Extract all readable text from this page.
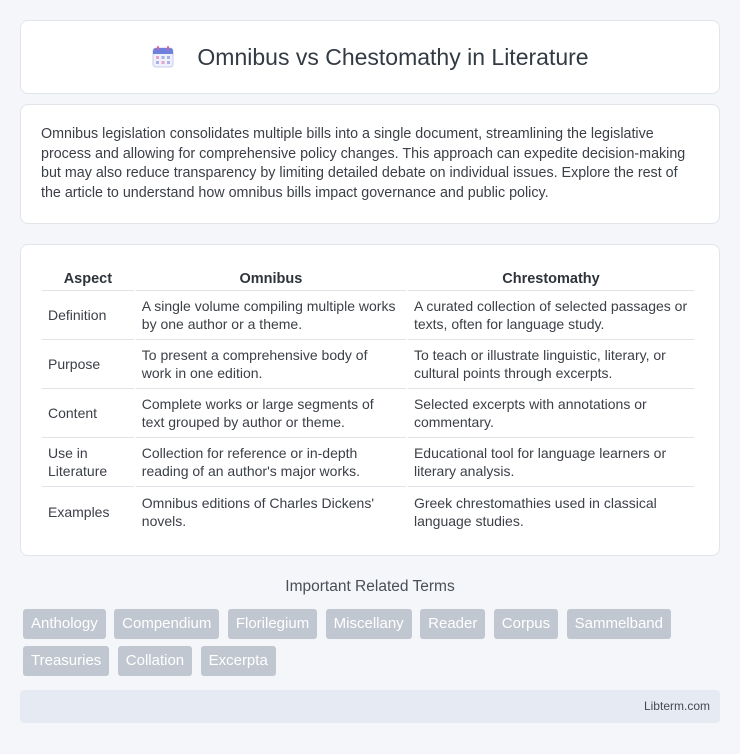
Omnibus vs Chestomathy in Literature

Omnibus legislation consolidates multiple bills into a single document, streamlining the legislative process and allowing for comprehensive policy changes. This approach can expedite decision-making but may also reduce transparency by limiting detailed debate on individual issues. Explore the rest of the article to understand how omnibus bills impact governance and public policy.

Aspect	Omnibus	Chrestomathy
Definition	A single volume compiling multiple works by one author or a theme.	A curated collection of selected passages or texts, often for language study.
Purpose	To present a comprehensive body of work in one edition.	To teach or illustrate linguistic, literary, or cultural points through excerpts.
Content	Complete works or large segments of text grouped by author or theme.	Selected excerpts with annotations or commentary.
Use in Literature	Collection for reference or in-depth reading of an author's major works.	Educational tool for language learners or literary analysis.
Examples	Omnibus editions of Charles Dickens' novels.	Greek chrestomathies used in classical language studies.
Important Related Terms
Anthology Compendium Florilegium Miscellany Reader Corpus Sammelband Treasuries Collation Excerpta
Libterm.com
